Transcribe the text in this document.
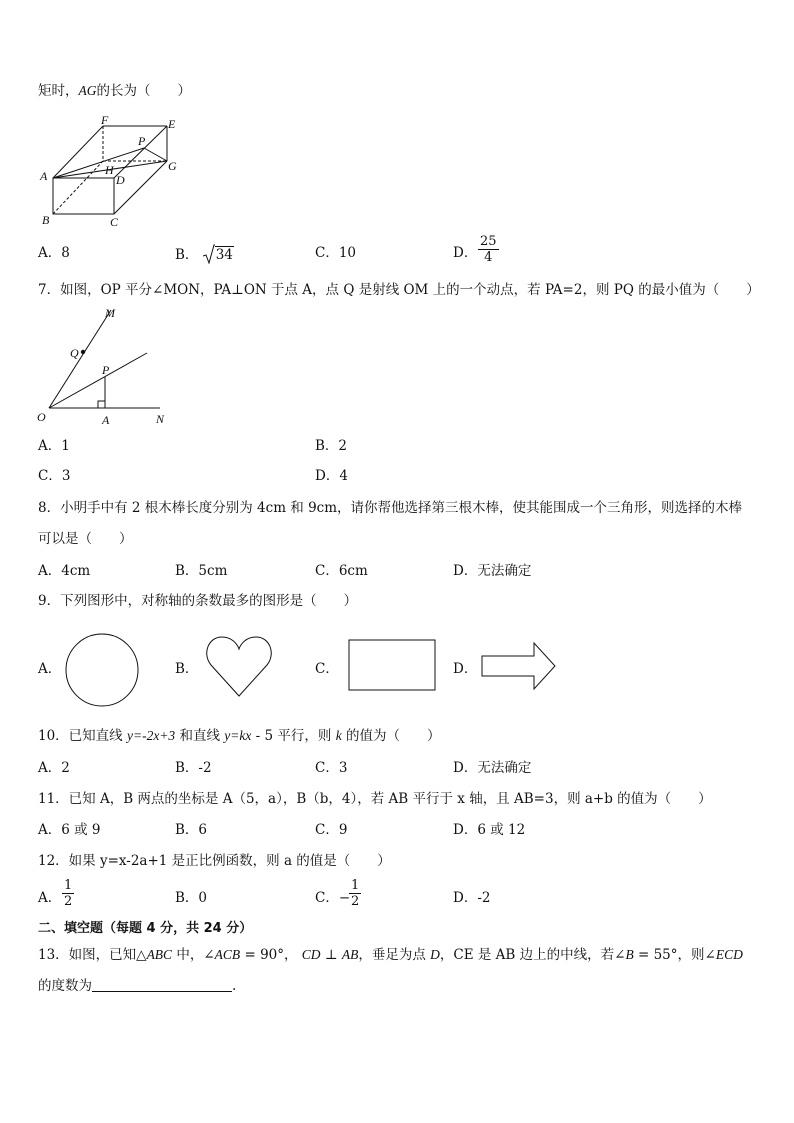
矩时，AG的长为（　　）
F	E
P
A	H
D
G
B	C
A．8	B． 34	C．10	D． $\frac{25}{4}$
7．如图，OP 平分∠MON，PA⊥ON 于点 A，点 Q 是射线 OM 上的一个动点，若 PA=2，则 PQ 的最小值为（　　）
M
Q
P
O	A	N
A．1	B．2
C．3	D．4
8．小明手中有 2 根木棒长度分别为 4cm 和 9cm，请你帮他选择第三根木棒，使其能围成一个三角形，则选择的木棒
可以是（　　）
A．4cm	B．5cm	C．6cm	D．无法确定
9．下列图形中，对称轴的条数最多的图形是（　　）
A．	B．	C．	D．
10．已知直线 y=-2x+3 和直线 y=kx - 5 平行，则 k 的值为（　　）
A．2	B．-2	C．3	D．无法确定
11．已知 A，B 两点的坐标是 A（5，a），B（b，4），若 AB 平行于 x 轴，且 AB=3，则 a+b 的值为（　　）
A．6 或 9	B．6	C．9	D．6 或 12
12．如果 y=x-2a+1 是正比例函数，则 a 的值是（　　）
A． $\frac{1}{2}$	B．0	C．−
$\frac{1}{2}$	D．-2
二、填空题（每题 4 分，共 24 分）
13．如图，已知△ABC 中，∠ACB = 90°， CD ⊥ AB，垂足为点 D，CE 是 AB 边上的中线，若∠B = 55°，则∠ECD
的度数为	.
